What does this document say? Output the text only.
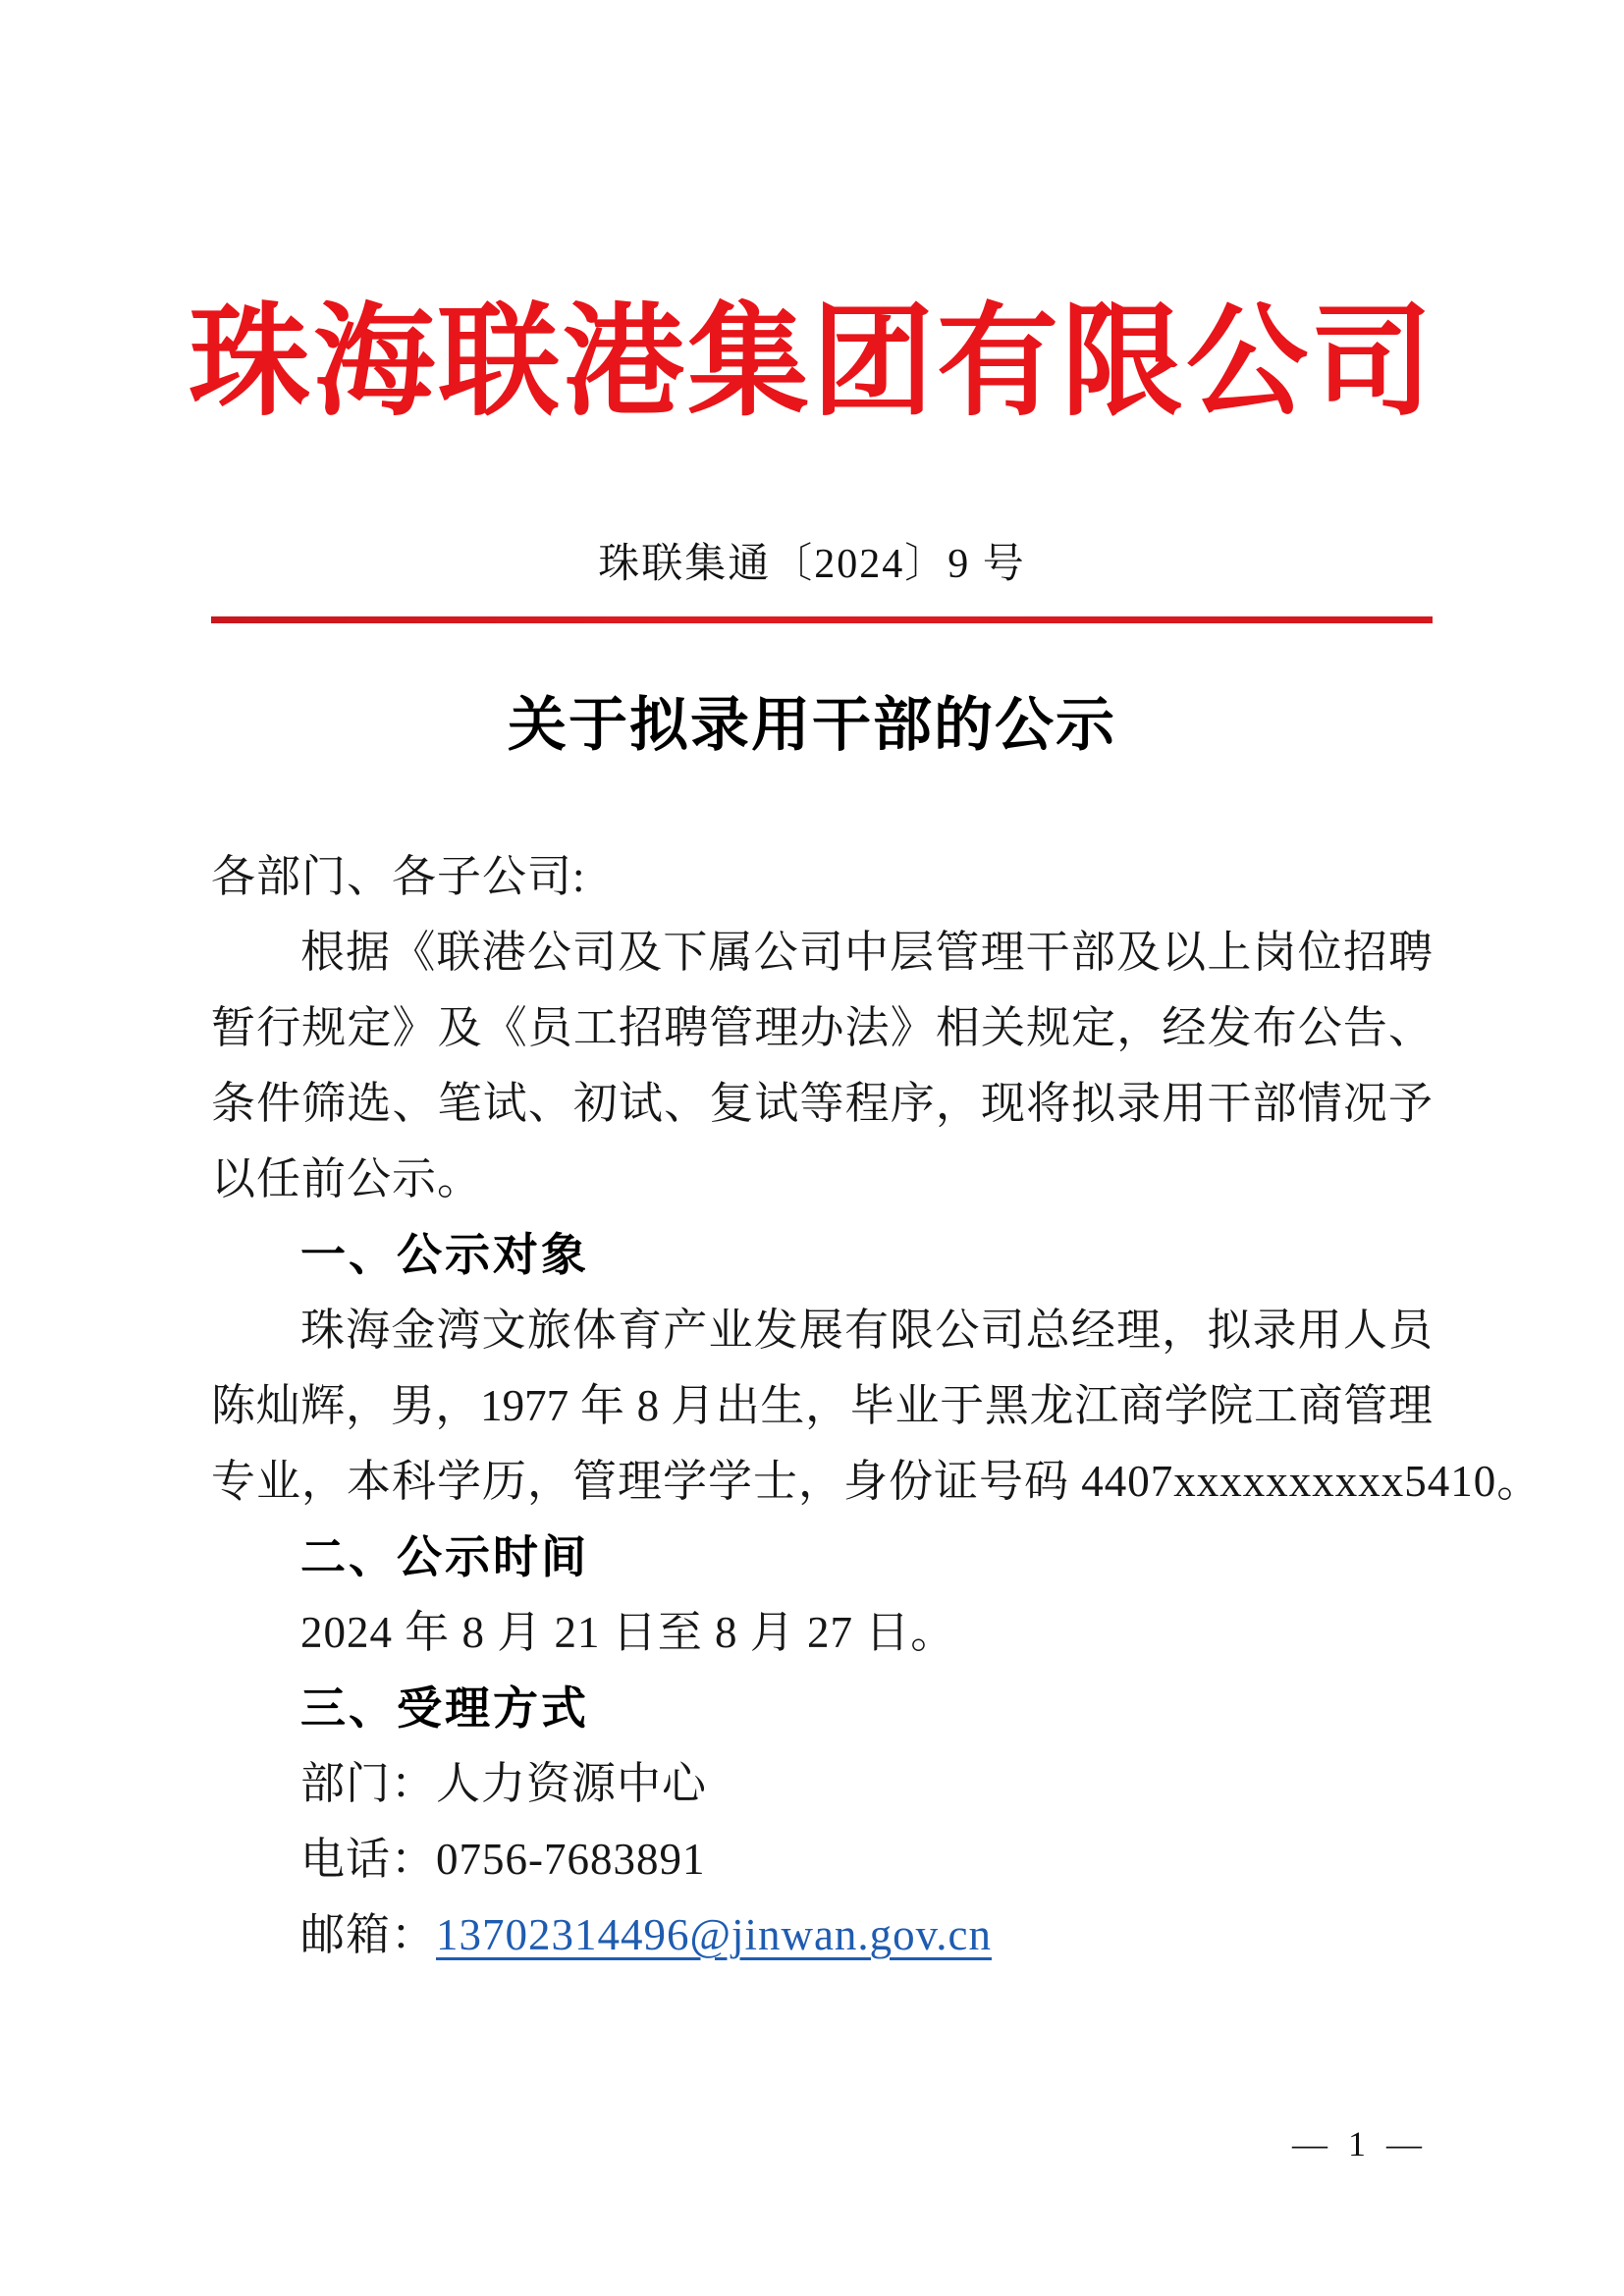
珠海联港集团有限公司
珠联集通〔2024〕9 号
关于拟录用干部的公示
各部门、各子公司:
根据《联港公司及下属公司中层管理干部及以上岗位招聘
暂行规定》及《员工招聘管理办法》相关规定，经发布公告、
条件筛选、笔试、初试、复试等程序，现将拟录用干部情况予
以任前公示。
一、公示对象
珠海金湾文旅体育产业发展有限公司总经理，拟录用人员
陈灿辉，男，1977 年 8 月出生，毕业于黑龙江商学院工商管理
专业，本科学历，管理学学士，身份证号码 4407xxxxxxxxxx5410。
二、公示时间
2024 年 8 月 21 日至 8 月 27 日。
三、受理方式
部门：人力资源中心
电话：0756-7683891
邮箱：13702314496@jinwan.gov.cn
— 1 —
